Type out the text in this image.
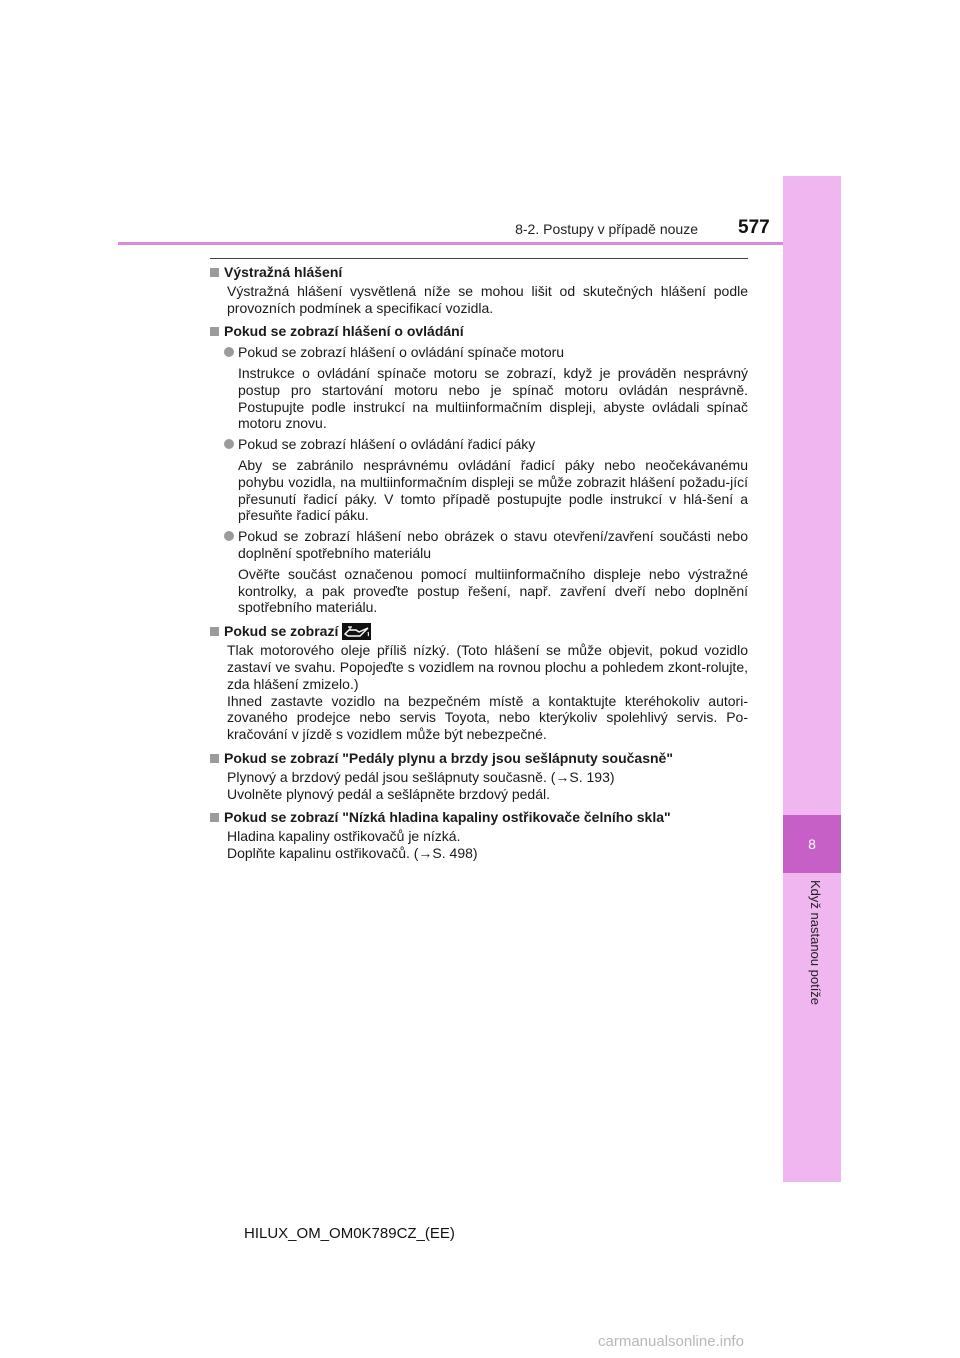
8
Když nastanou potíže
8-2. Postupy v případě nouze 577

Výstražná hlášení

Výstražná hlášení vysvětlená níže se mohou lišit od skutečných hlášení podle provozních podmínek a specifikací vozidla.

Pokud se zobrazí hlášení o ovládání

Pokud se zobrazí hlášení o ovládání spínače motoru

Instrukce o ovládání spínače motoru se zobrazí, když je prováděn nesprávný postup pro startování motoru nebo je spínač motoru ovládán nesprávně. Postupujte podle instrukcí na multiinformačním displeji, abyste ovládali spínač motoru znovu.

Pokud se zobrazí hlášení o ovládání řadicí páky

Aby se zabránilo nesprávnému ovládání řadicí páky nebo neočekávanému pohybu vozidla, na multiinformačním displeji se může zobrazit hlášení požadu-jící přesunutí řadicí páky. V tomto případě postupujte podle instrukcí v hlá-šení a přesuňte řadicí páku.

Pokud se zobrazí hlášení nebo obrázek o stavu otevření/zavření součásti nebo doplnění spotřebního materiálu

Ověřte součást označenou pomocí multiinformačního displeje nebo výstražné kontrolky, a pak proveďte postup řešení, např. zavření dveří nebo doplnění spotřebního materiálu.

Pokud se zobrazí

Tlak motorového oleje příliš nízký. (Toto hlášení se může objevit, pokud vozidlo zastaví ve svahu. Popojeďte s vozidlem na rovnou plochu a pohledem zkont-rolujte, zda hlášení zmizelo.)

Ihned zastavte vozidlo na bezpečném místě a kontaktujte kteréhokoliv autori-zovaného prodejce nebo servis Toyota, nebo kterýkoliv spolehlivý servis. Po-kračování v jízdě s vozidlem může být nebezpečné.

Pokud se zobrazí "Pedály plynu a brzdy jsou sešlápnuty současně"

Plynový a brzdový pedál jsou sešlápnuty současně. (→S. 193)

Uvolněte plynový pedál a sešlápněte brzdový pedál.

Pokud se zobrazí "Nízká hladina kapaliny ostřikovače čelního skla"

Hladina kapaliny ostřikovačů je nízká.

Doplňte kapalinu ostřikovačů. (→S. 498)

HILUX_OM_OM0K789CZ_(EE)
carmanualsonline.info
